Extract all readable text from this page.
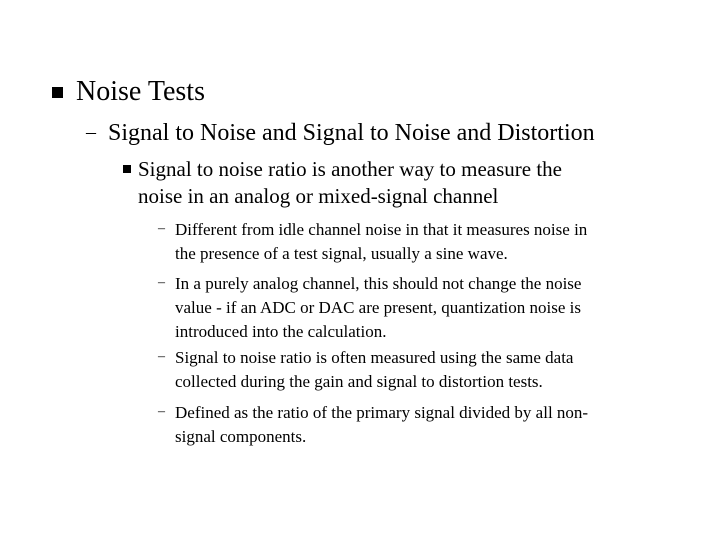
Noise Tests
– Signal to Noise and Signal to Noise and Distortion
Signal to noise ratio is another way to measure the
noise in an analog or mixed-signal channel
– Different from idle channel noise in that it measures noise in
the presence of a test signal, usually a sine wave.
– In a purely analog channel, this should not change the noise
value - if an ADC or DAC are present, quantization noise is
introduced into the calculation.
– Signal to noise ratio is often measured using the same data
collected during the gain and signal to distortion tests.
– Defined as the ratio of the primary signal divided by all non-
signal components.
